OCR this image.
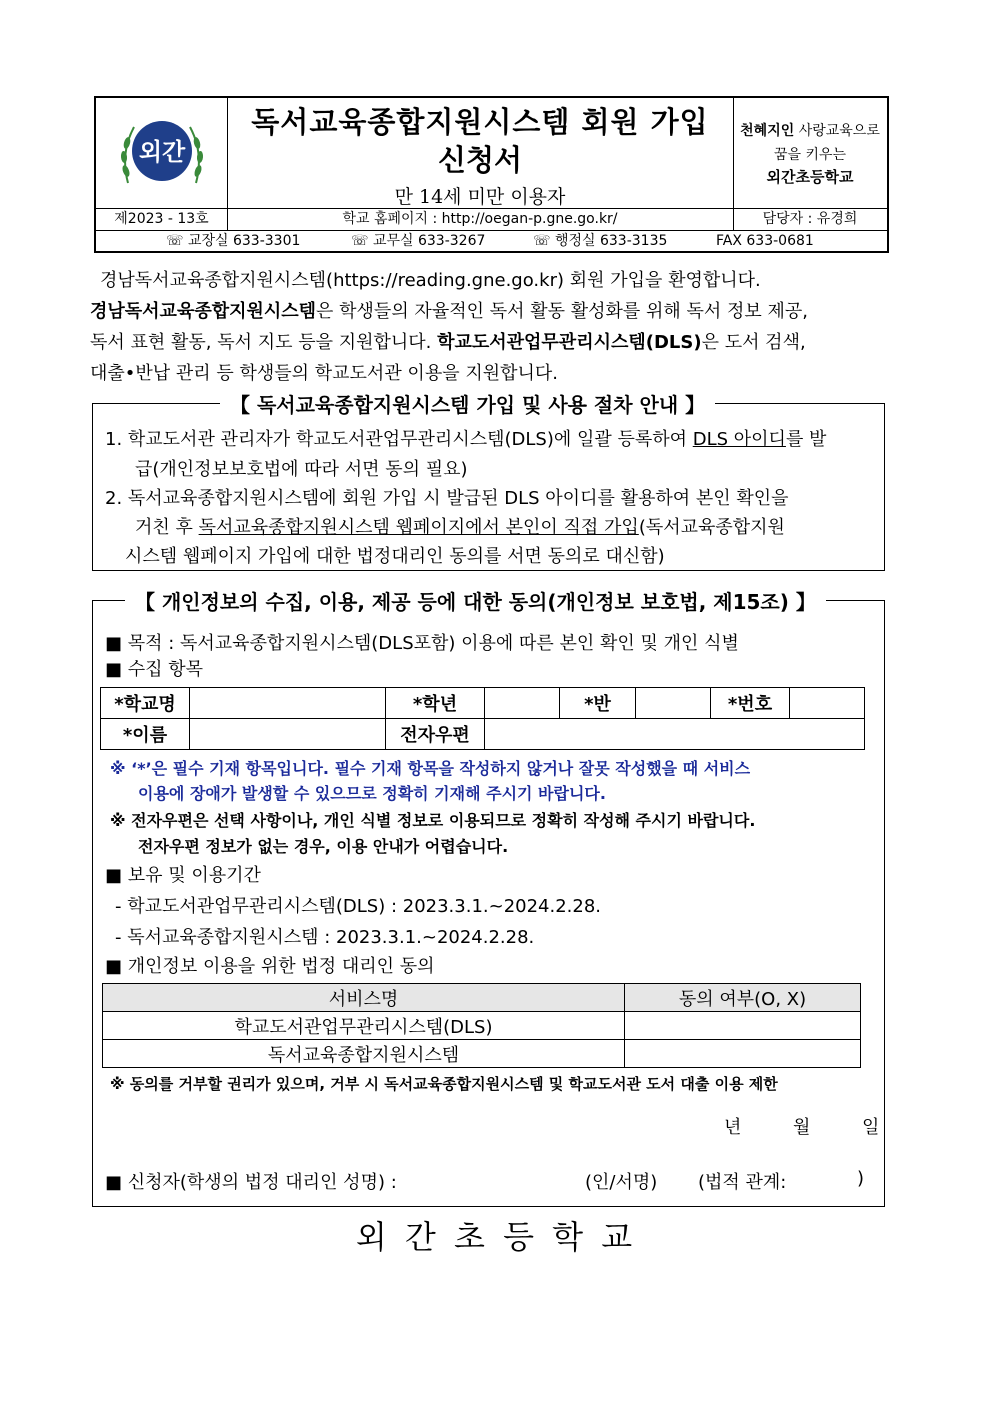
외간
독서교육종합지원시스템 회원 가입
신청서
만 14세 미만 이용자
천혜지인 사랑교육으로
꿈을 키우는
외간초등학교
제2023 - 13호	학교 홈페이지 : http://oegan-p.gne.go.kr/	담당자 : 유경희
☏ 교장실 633-3301	☏ 교무실 633-3267	☏ 행정실 633-3135	FAX 633-0681
경남독서교육종합지원시스템(https://reading.gne.go.kr) 회원 가입을 환영합니다.
경남독서교육종합지원시스템은 학생들의 자율적인 독서 활동 활성화를 위해 독서 정보 제공,
독서 표현 활동, 독서 지도 등을 지원합니다. 학교도서관업무관리시스템(DLS)은 도서 검색,
대출•반납 관리 등 학생들의 학교도서관 이용을 지원합니다.
【 독서교육종합지원시스템 가입 및 사용 절차 안내 】
1. 학교도서관 관리자가 학교도서관업무관리시스템(DLS)에 일괄 등록하여 DLS 아이디를 발
급(개인정보보호법에 따라 서면 동의 필요)
2. 독서교육종합지원시스템에 회원 가입 시 발급된 DLS 아이디를 활용하여 본인 확인을
거친 후 독서교육종합지원시스템 웹페이지에서 본인이 직접 가입(독서교육종합지원
시스템 웹페이지 가입에 대한 법정대리인 동의를 서면 동의로 대신함)
【 개인정보의 수집, 이용, 제공 등에 대한 동의(개인정보 보호법, 제15조) 】
■ 목적 : 독서교육종합지원시스템(DLS포함) 이용에 따른 본인 확인 및 개인 식별
■ 수집 항목
*학교명		*학년		*반		*번호	
*이름		전자우편					
※ ‘*’은 필수 기재 항목입니다. 필수 기재 항목을 작성하지 않거나 잘못 작성했을 때 서비스
이용에 장애가 발생할 수 있으므로 정확히 기재해 주시기 바랍니다.
※ 전자우편은 선택 사항이나, 개인 식별 정보로 이용되므로 정확히 작성해 주시기 바랍니다.
전자우편 정보가 없는 경우, 이용 안내가 어렵습니다.
■ 보유 및 이용기간
- 학교도서관업무관리시스템(DLS) : 2023.3.1.~2024.2.28.
- 독서교육종합지원시스템 : 2023.3.1.~2024.2.28.
■ 개인정보 이용을 위한 법정 대리인 동의
서비스명	동의 여부(O, X)
학교도서관업무관리시스템(DLS)	
독서교육종합지원시스템	
※ 동의를 거부할 권리가 있으며, 거부 시 독서교육종합지원시스템 및 학교도서관 도서 대출 이용 제한
년	월	일
■ 신청자(학생의 법정 대리인 성명) :	(인/서명) (법적 관계:	)
외 간 초 등 학 교
